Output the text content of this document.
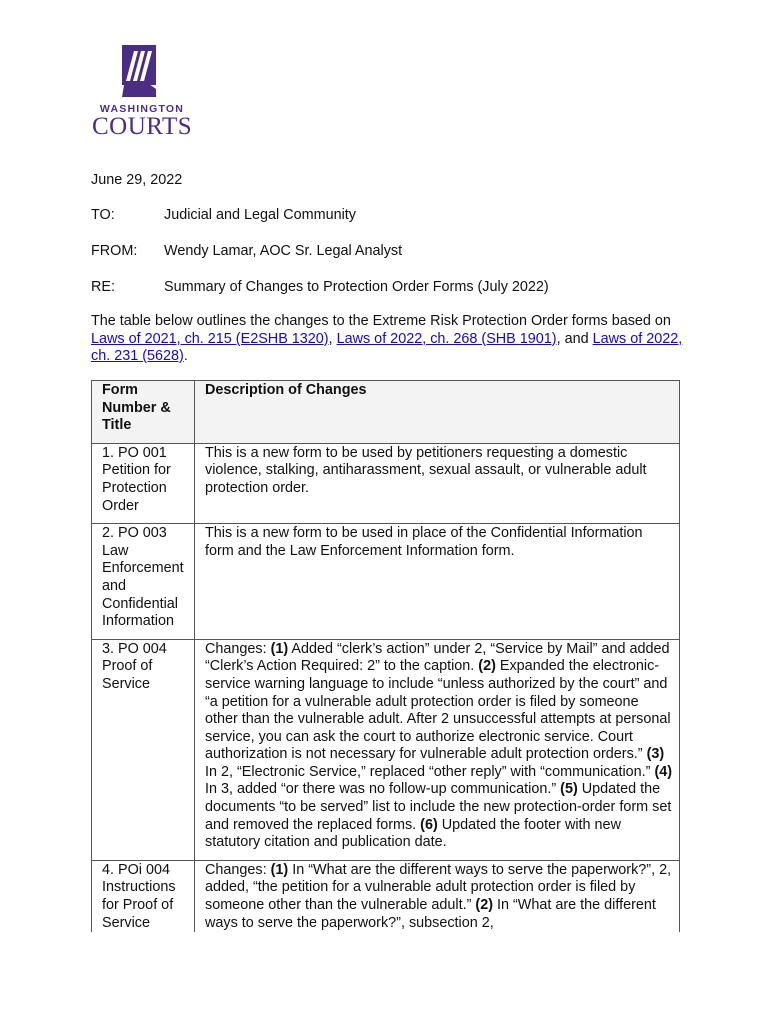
WASHINGTON
COURTS
June 29, 2022
TO:	Judicial and Legal Community
FROM: Wendy Lamar, AOC Sr. Legal Analyst
RE:	Summary of Changes to Protection Order Forms (July 2022)
The table below outlines the changes to the Extreme Risk Protection Order forms based on Laws of 2021, ch. 215 (E2SHB 1320), Laws of 2022, ch. 268 (SHB 1901), and Laws of 2022, ch. 231 (5628).
Form Number & Title	Description of Changes
1. PO 001 Petition for Protection Order	This is a new form to be used by petitioners requesting a domestic violence, stalking, antiharassment, sexual assault, or vulnerable adult protection order.
2. PO 003 Law Enforcement and Confidential Information	This is a new form to be used in place of the Confidential Information form and the Law Enforcement Information form.
3. PO 004 Proof of Service	Changes: (1) Added “clerk’s action” under 2, “Service by Mail” and added “Clerk’s Action Required: 2” to the caption. (2) Expanded the electronic-service warning language to include “unless authorized by the court” and “a petition for a vulnerable adult protection order is filed by someone other than the vulnerable adult. After 2 unsuccessful attempts at personal service, you can ask the court to authorize electronic service. Court authorization is not necessary for vulnerable adult protection orders.” (3) In 2, “Electronic Service,” replaced “other reply” with “communication.” (4) In 3, added “or there was no follow-up communication.” (5) Updated the documents “to be served” list to include the new protection-order form set and removed the replaced forms. (6) Updated the footer with new statutory citation and publication date.
4. POi 004 Instructions for Proof of Service	Changes: (1) In “What are the different ways to serve the paperwork?”, 2, added, “the petition for a vulnerable adult protection order is filed by someone other than the vulnerable adult.” (2) In “What are the different ways to serve the paperwork?”, subsection 2,
